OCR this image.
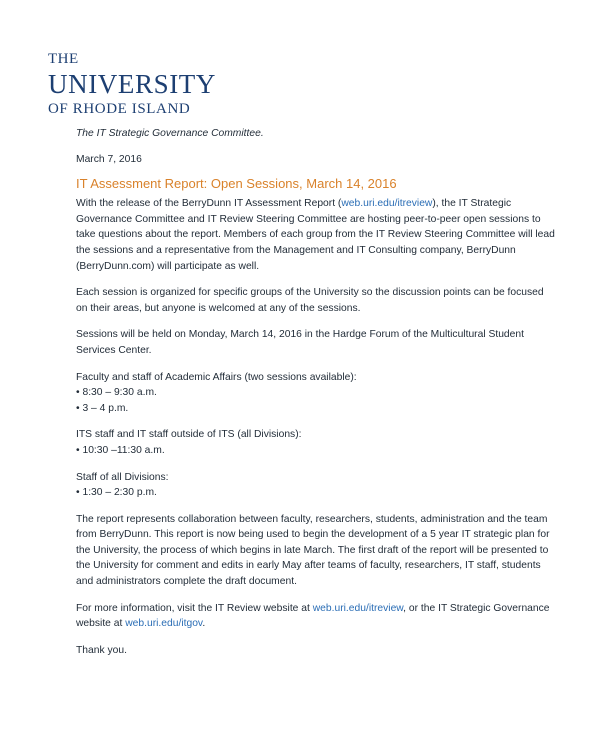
THE
UNIVERSITY
OF RHODE ISLAND
The IT Strategic Governance Committee.
March 7, 2016
IT Assessment Report: Open Sessions, March 14, 2016

With the release of the BerryDunn IT Assessment Report (web.uri.edu/itreview), the IT Strategic Governance Committee and IT Review Steering Committee are hosting peer-to-peer open sessions to take questions about the report. Members of each group from the IT Review Steering Committee will lead the sessions and a representative from the Management and IT Consulting company, BerryDunn (BerryDunn.com) will participate as well.

Each session is organized for specific groups of the University so the discussion points can be focused on their areas, but anyone is welcomed at any of the sessions.

Sessions will be held on Monday, March 14, 2016 in the Hardge Forum of the Multicultural Student Services Center.

Faculty and staff of Academic Affairs (two sessions available):
• 8:30 – 9:30 a.m.
• 3 – 4 p.m.
ITS staff and IT staff outside of ITS (all Divisions):
• 10:30 –11:30 a.m.
Staff of all Divisions:
• 1:30 – 2:30 p.m.

The report represents collaboration between faculty, researchers, students, administration and the team from BerryDunn. This report is now being used to begin the development of a 5 year IT strategic plan for the University, the process of which begins in late March. The first draft of the report will be presented to the University for comment and edits in early May after teams of faculty, researchers, IT staff, students and administrators complete the draft document.

For more information, visit the IT Review website at web.uri.edu/itreview, or the IT Strategic Governance website at web.uri.edu/itgov.

Thank you.
